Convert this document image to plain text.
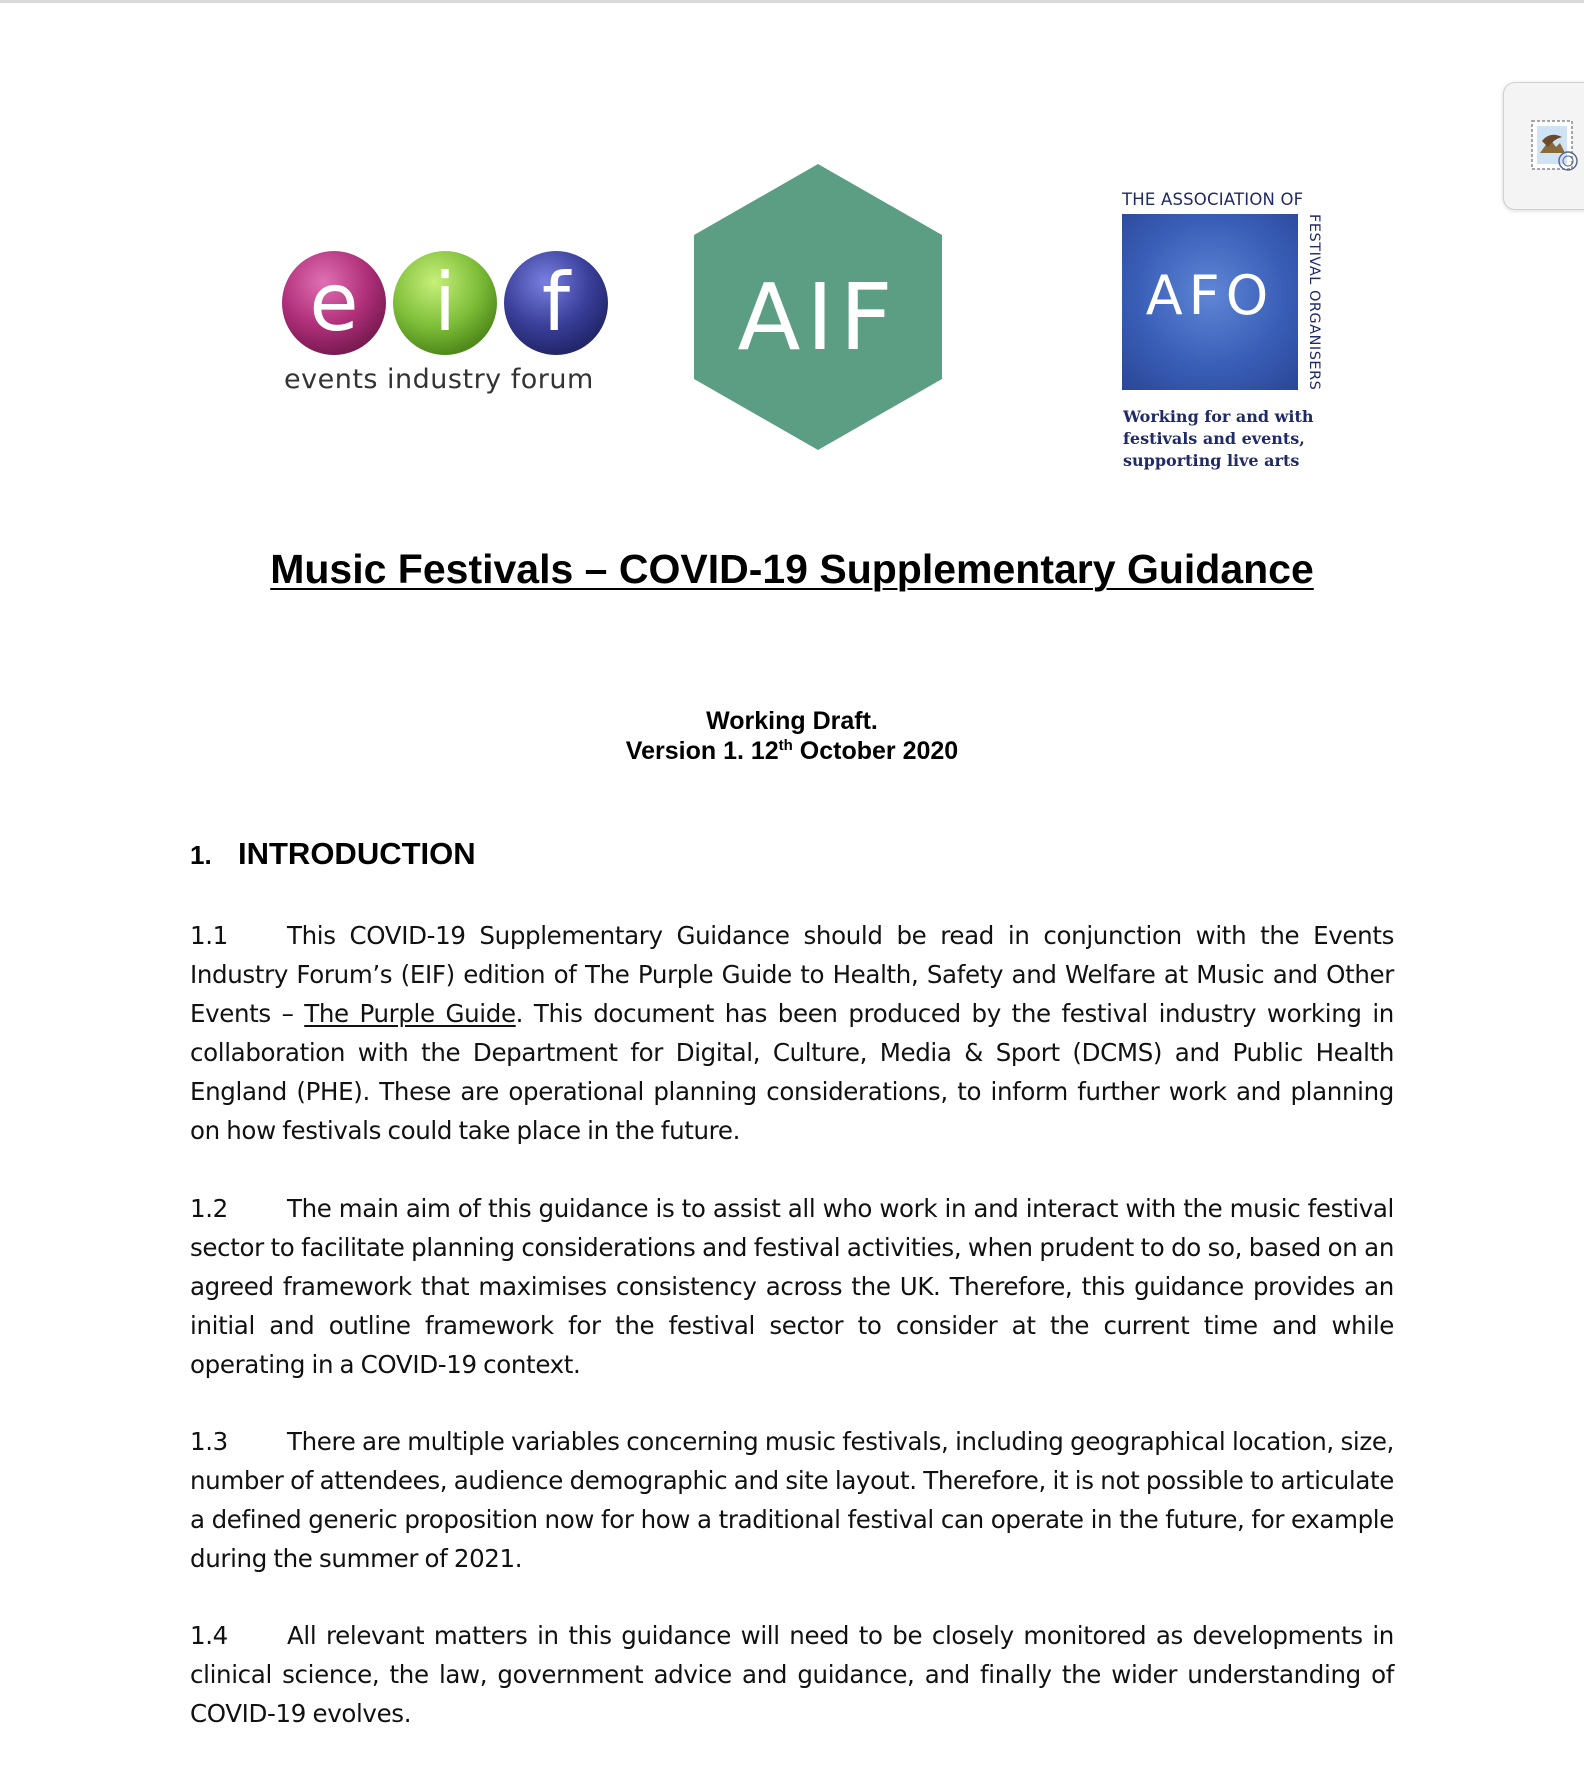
e i f
events industry forum
AIF
THE ASSOCIATION OF
AFO	FESTIVAL ORGANISERS
Working for and with
festivals and events,
supporting live arts
Music Festivals – COVID-19 Supplementary Guidance
Working Draft.
Version 1. 12th October 2020
1. INTRODUCTION
1.1 This COVID-19 Supplementary Guidance should be read in conjunction with the Events Industry Forum’s (EIF) edition of The Purple Guide to Health, Safety and Welfare at Music and Other Events – The Purple Guide. This document has been produced by the festival industry working in collaboration with the Department for Digital, Culture, Media & Sport (DCMS) and Public Health England (PHE). These are operational planning considerations, to inform further work and planning on how festivals could take place in the future.
1.2 The main aim of this guidance is to assist all who work in and interact with the music festival sector to facilitate planning considerations and festival activities, when prudent to do so, based on an agreed framework that maximises consistency across the UK. Therefore, this guidance provides an initial and outline framework for the festival sector to consider at the current time and while operating in a COVID-19 context.
1.3 There are multiple variables concerning music festivals, including geographical location, size, number of attendees, audience demographic and site layout. Therefore, it is not possible to articulate a defined generic proposition now for how a traditional festival can operate in the future, for example during the summer of 2021.
1.4 All relevant matters in this guidance will need to be closely monitored as developments in clinical science, the law, government advice and guidance, and finally the wider understanding of COVID-19 evolves.
